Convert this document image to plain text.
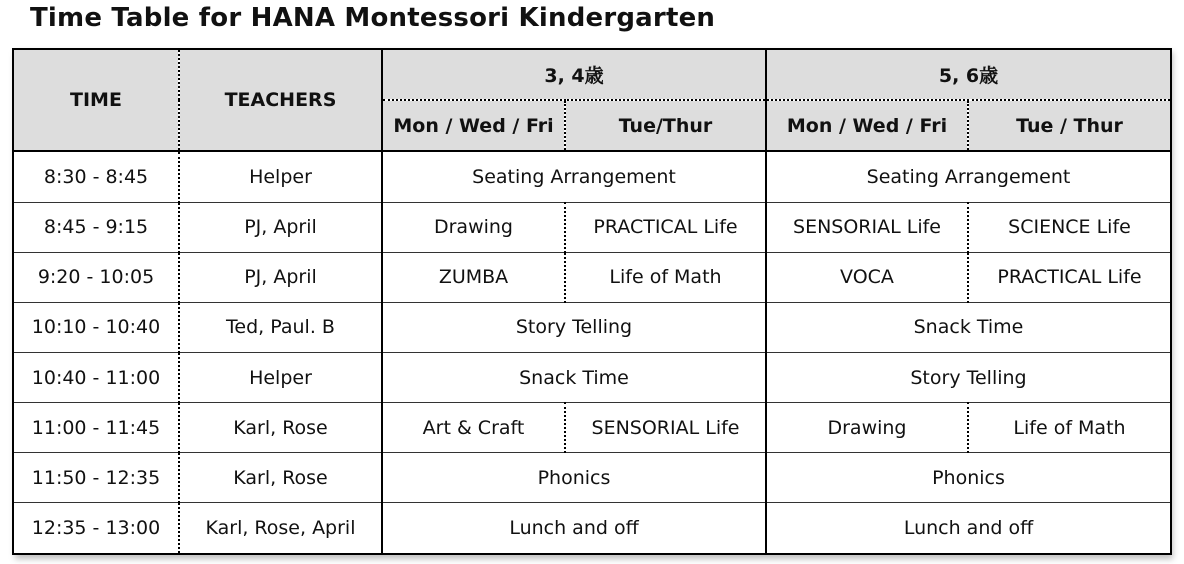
Time Table for HANA Montessori Kindergarten
TIME	TEACHERS	3, 4歳		5, 6歳	
		Mon / Wed / Fri	Tue/Thur	Mon / Wed / Fri	Tue / Thur
8:30 - 8:45	Helper	Seating Arrangement		Seating Arrangement	
8:45 - 9:15	PJ, April	Drawing	PRACTICAL Life	SENSORIAL Life	SCIENCE Life
9:20 - 10:05	PJ, April	ZUMBA	Life of Math	VOCA	PRACTICAL Life
10:10 - 10:40	Ted, Paul. B	Story Telling		Snack Time	
10:40 - 11:00	Helper	Snack Time		Story Telling	
11:00 - 11:45	Karl, Rose	Art & Craft	SENSORIAL Life	Drawing	Life of Math
11:50 - 12:35	Karl, Rose	Phonics		Phonics	
12:35 - 13:00	Karl, Rose, April	Lunch and off		Lunch and off	
